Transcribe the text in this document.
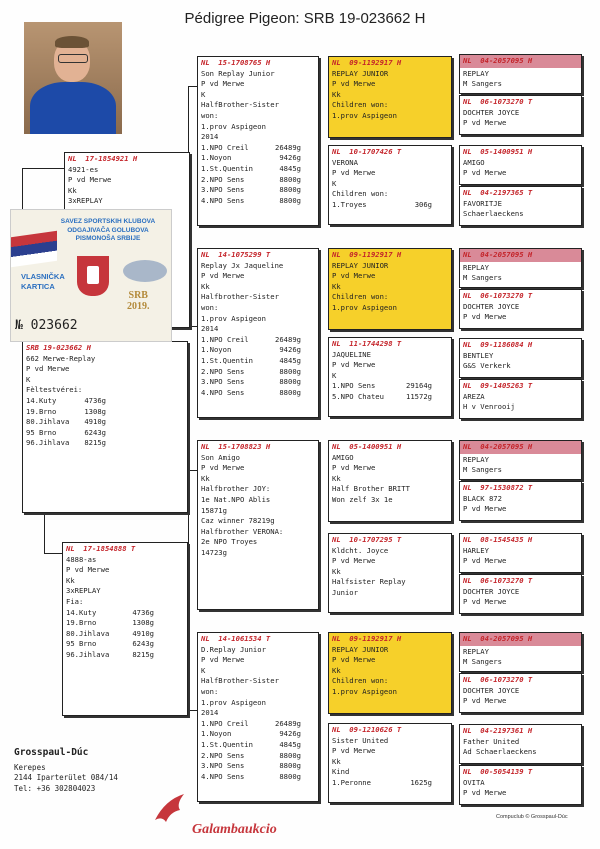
Pédigree Pigeon: SRB 19-023662 H
SRB 19-023662 H
662 Merwe-Replay
P vd Merwe
K
Fèltestvérei:
14.Kuty	4736g
19.Brno	1308g
80.Jihlava 4910g
95 Brno	6243g
96.Jihlava 8215g
NL  17-1854921 H
4921-es
P vd Merwe
Kk
3xREPLAY
NL  17-1854888 T
4888-as
P vd Merwe
Kk
3xREPLAY
Fia:
14.Kuty	4736g
19.Brno	1308g
80.Jihlava	4910g
95 Brno	6243g
96.Jihlava	8215g
SAVEZ SPORTSKIH KLUBOVA ODGAJIVAČA GOLUBOVA PISMONOŠA SRBIJE
VLASNIČKA
KARTICA
SRB
2019.
№ 023662
Grosspaul-Dúc
Kerepes
2144 Iparterület 084/14
Tel: +36 302804023
Galambaukcio
Compuclub © Grosspaul-Dúc
NL  15-1708765 H
Son Replay Junior
P vd Merwe
K
HalfBrother-Sister
won:
1.prov Aspigeon
2014
1.NPO Creil	26489g
1.Noyon	9426g
1.St.Quentin	4845g
2.NPO Sens	8800g
3.NPO Sens	8800g
4.NPO Sens	8800g
NL  14-1075299 T
Replay Jx Jaqueline
P vd Merwe
Kk
Halfbrother-Sister
won:
1.prov Aspigeon
2014
1.NPO Creil	26489g
1.Noyon	9426g
1.St.Quentin	4845g
2.NPO Sens	8800g
3.NPO Sens	8800g
4.NPO Sens	8800g
NL  15-1708823 H
Son Amigo
P vd Merwe
Kk
Halfbrother JOY:
1e Nat.NPO Ablis
15871g
Caz winner 78219g
Halfbrother VERONA:
2e NPO Troyes
14723g
NL  14-1061534 T
D.Replay Junior
P vd Merwe
K
HalfBrother-Sister
won:
1.prov Aspigeon
2014
1.NPO Creil	26489g
1.Noyon	9426g
1.St.Quentin	4845g
2.NPO Sens	8800g
3.NPO Sens	8800g
4.NPO Sens	8800g
NL  09-1192917 H
REPLAY JUNIOR
P vd Merwe
Kk
Children won:
1.prov Aspigeon
NL  10-1707426 T
VERONA
P vd Merwe
K
Children won:
1.Troyes	306g
NL  09-1192917 H
REPLAY JUNIOR
P vd Merwe
Kk
Children won:
1.prov Aspigeon
NL  11-1744298 T
JAQUELINE
P vd Merwe
K
1.NPO Sens	29164g
5.NPO Chateu	11572g
NL  05-1400951 H
AMIGO
P vd Merwe
Kk
Half Brother BRITT
Won zelf 3x 1e
NL  10-1707295 T
Kldcht. Joyce
P vd Merwe
Kk
Halfsister Replay
Junior
NL  09-1192917 H
REPLAY JUNIOR
P vd Merwe
Kk
Children won:
1.prov Aspigeon
NL  09-1210626 T
Sister United
P vd Merwe
Kk
Kind
1.Peronne	1625g
NL  04-2057095 H
REPLAY
M Sangers
NL  06-1073270 T
DOCHTER JOYCE
P vd Merwe
NL  05-1400951 H
AMIGO
P vd Merwe
NL  04-2197365 T
FAVORITJE
Schaerlaeckens
NL  04-2057095 H
REPLAY
M Sangers
NL  06-1073270 T
DOCHTER JOYCE
P vd Merwe
NL  09-1186084 H
BENTLEY
G&S Verkerk
NL  09-1405263 T
AREZA
H v Venrooij
NL  04-2057095 H
REPLAY
M Sangers
NL  97-1530872 T
BLACK 872
P vd Merwe
NL  08-1545435 H
HARLEY
P vd Merwe
NL  06-1073270 T
DOCHTER JOYCE
P vd Merwe
NL  04-2057095 H
REPLAY
M Sangers
NL  06-1073270 T
DOCHTER JOYCE
P vd Merwe
NL  04-2197361 H
Father United
Ad Schaerlaeckens
NL  00-5054139 T
OVITA
P vd Merwe
